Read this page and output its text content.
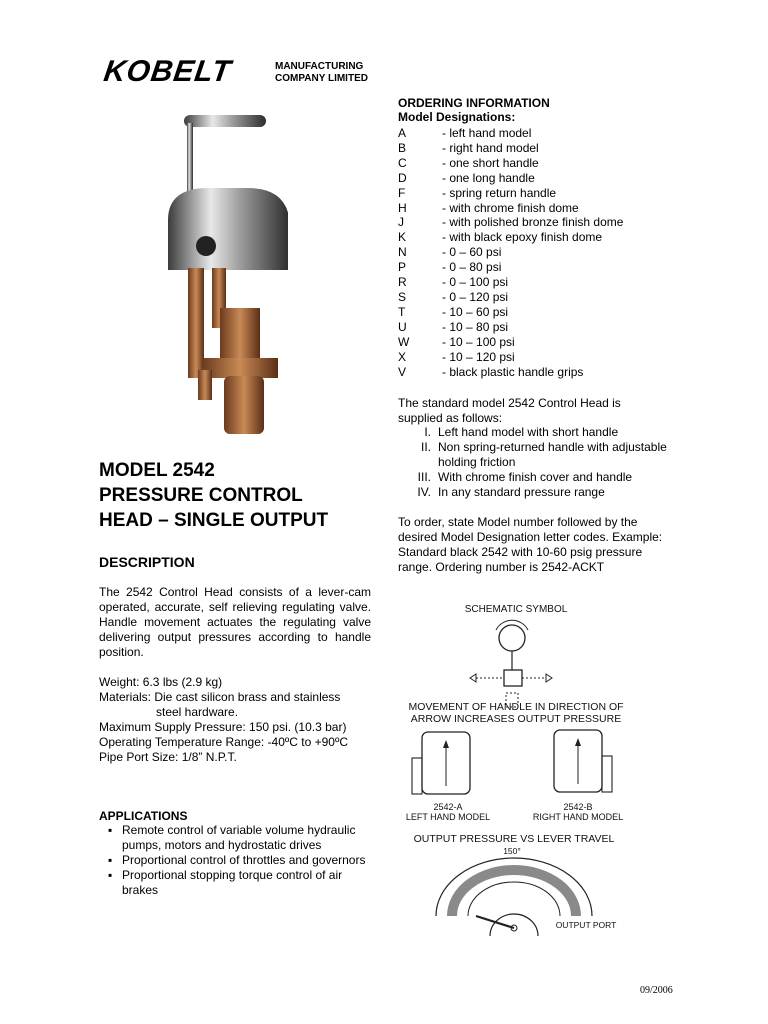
KOBELT	MANUFACTURING
COMPANY LIMITED
MODEL 2542
PRESSURE CONTROL
HEAD – SINGLE OUTPUT
DESCRIPTION
The 2542 Control Head consists of a lever-cam operated, accurate, self relieving regulating valve. Handle movement actuates the regulating valve delivering output pressures according to handle position.
Weight: 6.3 lbs (2.9 kg)
Materials: Die cast silicon brass and stainless
steel hardware.
Maximum Supply Pressure: 150 psi. (10.3 bar)
Operating Temperature Range: -40ºC to +90ºC
Pipe Port Size: 1/8” N.P.T.
APPLICATIONS
▪ Remote control of variable volume hydraulic pumps, motors and hydrostatic drives
▪ Proportional control of throttles and governors
▪ Proportional stopping torque control of air brakes
ORDERING INFORMATION
Model Designations:
A	- left hand model
B	- right hand model
C	- one short handle
D	- one long handle
F	- spring return handle
H	- with chrome finish dome
J	- with polished bronze finish dome
K	- with black epoxy finish dome
N	- 0 – 60 psi
P	- 0 – 80 psi
R	- 0 – 100 psi
S	- 0 – 120 psi
T	- 10 – 60 psi
U	- 10 – 80 psi
W	- 10 – 100 psi
X	- 10 – 120 psi
V	- black plastic handle grips
The standard model 2542 Control Head is supplied as follows:
I. Left hand model with short handle
II. Non spring-returned handle with adjustable holding friction
III. With chrome finish cover and handle
IV. In any standard pressure range
To order, state Model number followed by the desired Model Designation letter codes. Example: Standard black 2542 with 10-60 psig pressure range. Ordering number is 2542-ACKT
SCHEMATIC SYMBOL
MOVEMENT OF HANDLE IN DIRECTION OF
ARROW INCREASES OUTPUT PRESSURE
2542-A
LEFT HAND MODEL
2542-B
RIGHT HAND MODEL
OUTPUT PRESSURE VS LEVER TRAVEL
150°
OUTPUT PORT
09/2006
